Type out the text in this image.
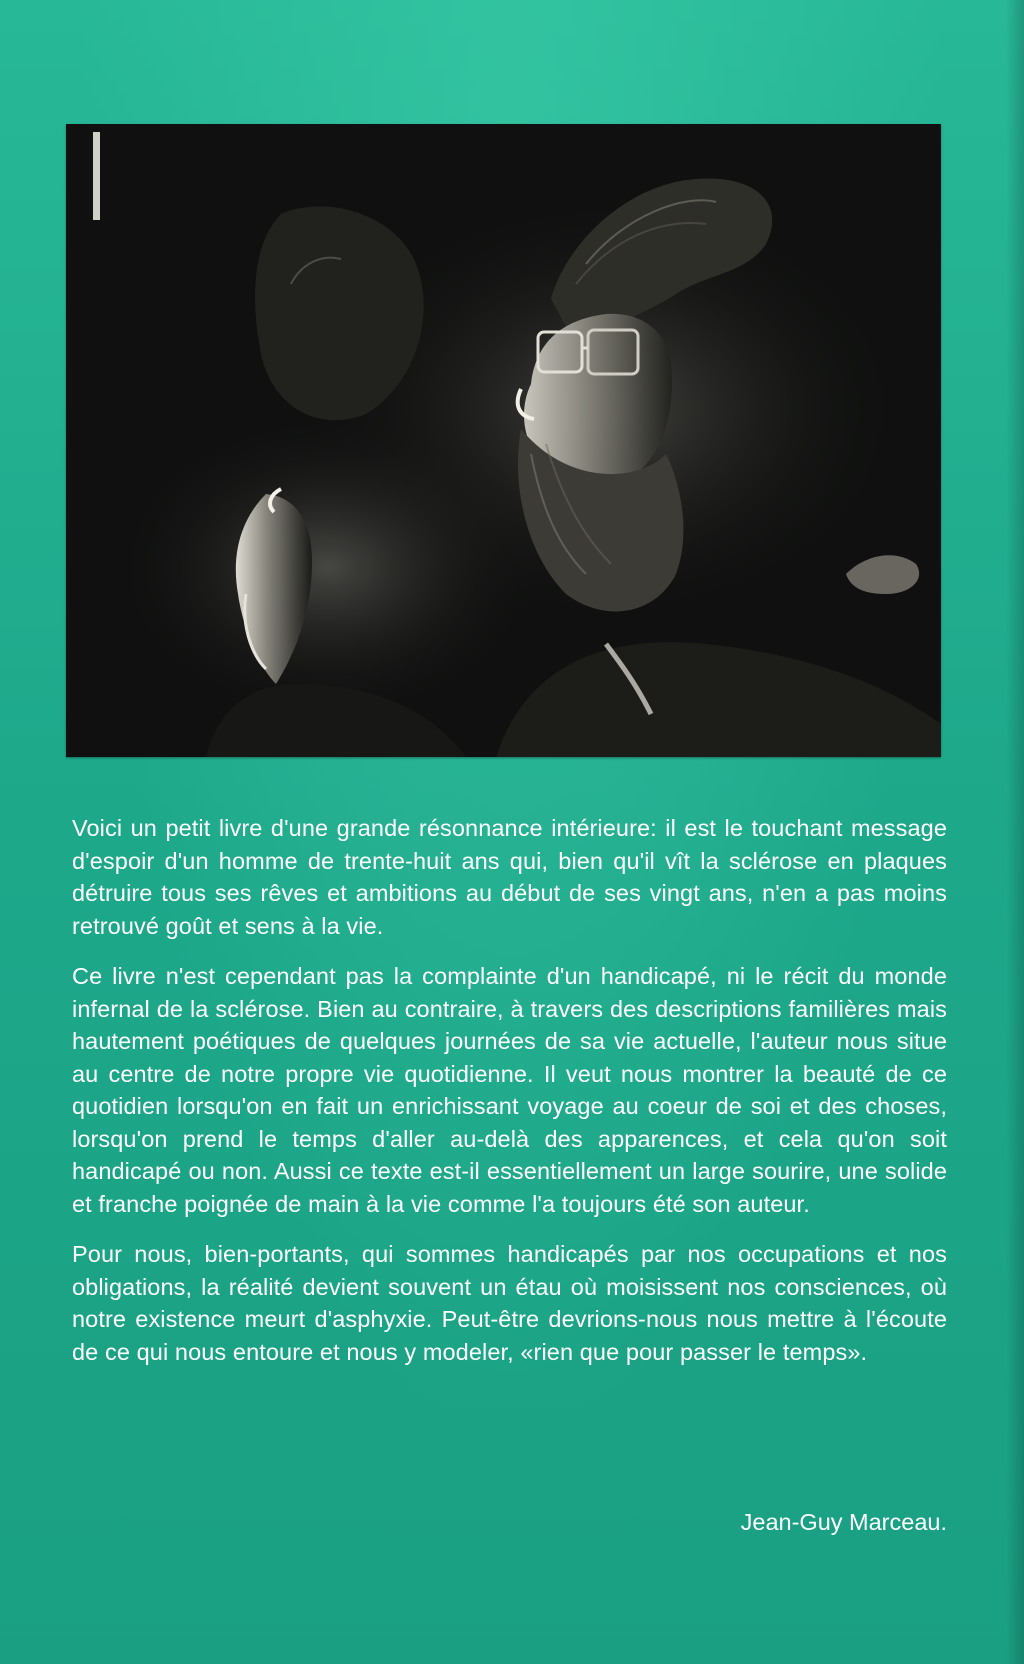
Voici un petit livre d'une grande résonnance intérieure: il est le touchant message d'espoir d'un homme de trente-huit ans qui, bien qu'il vît la sclérose en plaques détruire tous ses rêves et ambitions au début de ses vingt ans, n'en a pas moins retrouvé goût et sens à la vie.

Ce livre n'est cependant pas la complainte d'un handicapé, ni le récit du monde infernal de la sclérose. Bien au contraire, à travers des descriptions familières mais hautement poétiques de quelques journées de sa vie actuelle, l'auteur nous situe au centre de notre propre vie quotidienne. Il veut nous montrer la beauté de ce quotidien lorsqu'on en fait un enrichissant voyage au coeur de soi et des choses, lorsqu'on prend le temps d'aller au-delà des apparences, et cela qu'on soit handicapé ou non. Aussi ce texte est-il essentiellement un large sourire, une solide et franche poignée de main à la vie comme l'a toujours été son auteur.

Pour nous, bien-portants, qui sommes handicapés par nos occupations et nos obligations, la réalité devient souvent un étau où moisissent nos consciences, où notre existence meurt d'asphyxie. Peut-être devrions-nous nous mettre à l'écoute de ce qui nous entoure et nous y modeler, «rien que pour passer le temps».

Jean-Guy Marceau.
